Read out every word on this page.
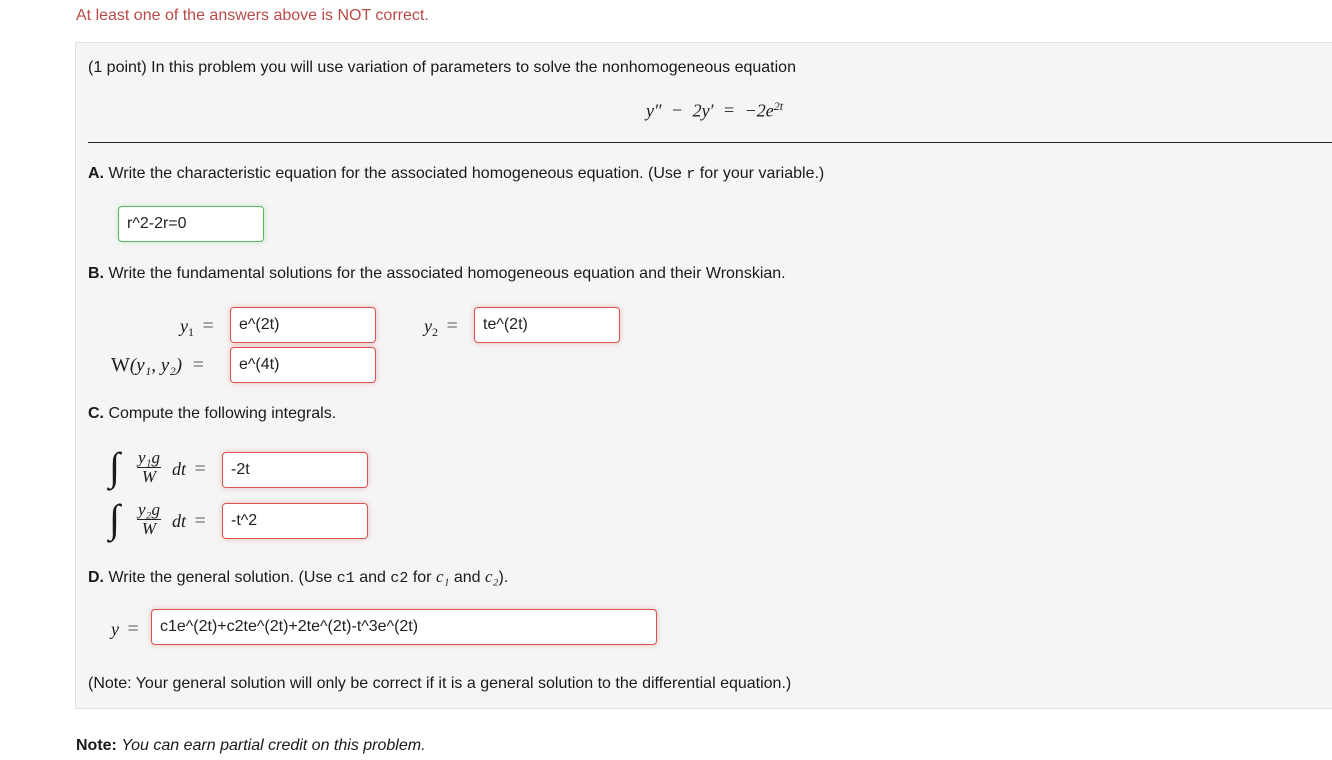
At least one of the answers above is NOT correct.
(1 point) In this problem you will use variation of parameters to solve the nonhomogeneous equation
$y'' - 2y' = -2e^{2t}$
A. Write the characteristic equation for the associated homogeneous equation. (Use r for your variable.)
r^2-2r=0
B. Write the fundamental solutions for the associated homogeneous equation and their Wronskian.
$y_1$ =	e^(2t)	$y_2$ =	te^(2t)
W(y₁, y₂) =	e^(4t)
C. Compute the following integrals.
∫ $\frac{\text{y₁g}}{W}$ dt =	-2t
∫ $\frac{\text{y₂g}}{W}$ dt =	-t^2
D. Write the general solution. (Use c1 and c2 for c₁ and c₂).
y =	c1e^(2t)+c2te^(2t)+2te^(2t)-t^3e^(2t)
(Note: Your general solution will only be correct if it is a general solution to the differential equation.)
Note: You can earn partial credit on this problem.
